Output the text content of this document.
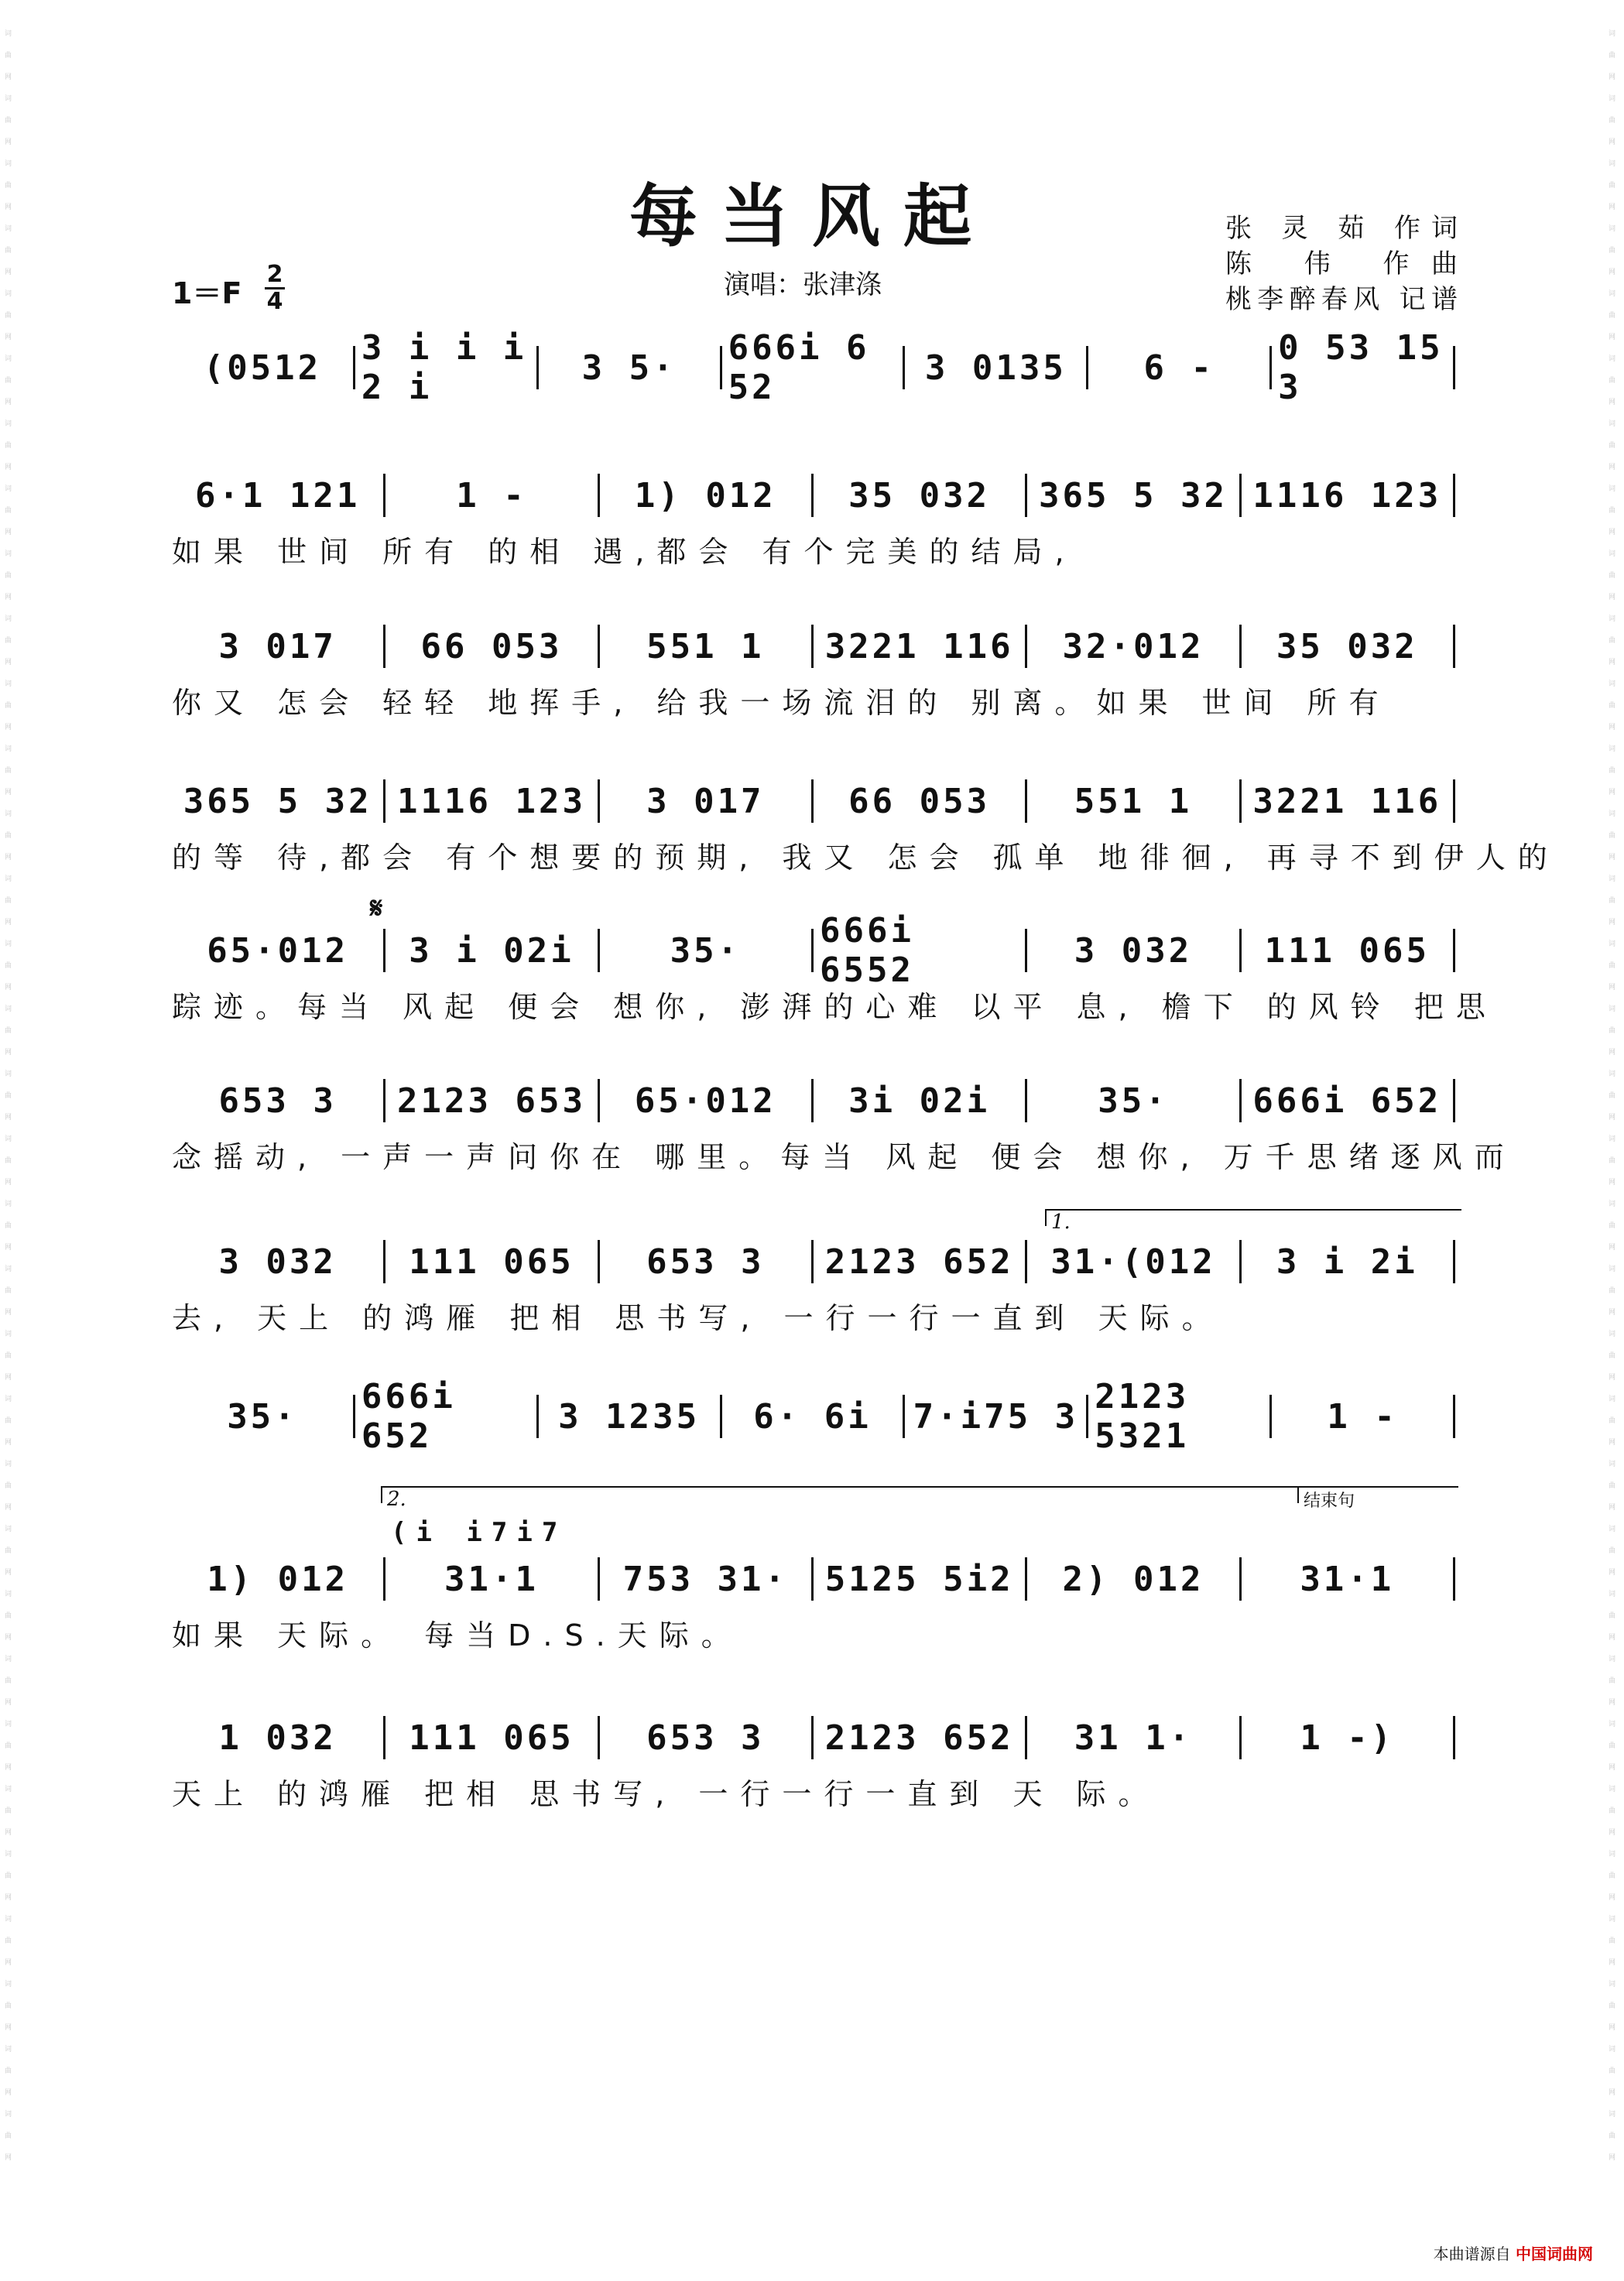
词曲网词曲网词曲网词曲网词曲网词曲网词曲网词曲网词曲网词曲网词曲网词曲网词曲网词曲网词曲网词曲网词曲网词曲网词曲网词曲网词曲网词曲网词曲网词曲网词曲网词曲网词曲网词曲网词曲网词曲网词曲网词曲网词曲网
词曲网词曲网词曲网词曲网词曲网词曲网词曲网词曲网词曲网词曲网词曲网词曲网词曲网词曲网词曲网词曲网词曲网词曲网词曲网词曲网词曲网词曲网词曲网词曲网词曲网词曲网词曲网词曲网词曲网词曲网词曲网词曲网词曲网
每当风起	张 灵 茹 作词
陈 伟 作曲
桃李醉春风 记谱
演唱：张津涤
1＝F
2
4
(0512	3 i i i 2 i	3 5·	666i 6 52	3 0135	6 -	0 53 15 3
6·1 121	1 -	1) 012	35 032	365 5 32 1116 123
如果 世间 所有 的相 遇,都会 有个完美的结局,
3 017	66 053	551 1	3221 116	32·012	35 032
你又 怎会 轻轻 地挥手, 给我一场流泪的 别离。如果 世间 所有
365 5 32 1116 123	3 017	66 053	551 1	3221 116
的等 待,都会 有个想要的预期, 我又 怎会 孤单 地徘徊, 再寻不到伊人的
65·012	3 i 02i	35·	666i 6552	3 032	111 065
踪迹。每当 风起 便会 想你, 澎湃的心难 以平 息, 檐下 的风铃 把思
653 3	2123 653	65·012	3i 02i	35·	666i 652
念摇动, 一声一声问你在 哪里。每当 风起 便会 想你, 万千思绪逐风而
3 032	111 065	653 3	2123 652	31·(012	3 i 2i
去, 天上 的鸿雁 把相 思书写, 一行一行一直到 天际。
35·	666i 652	3 1235	6· 6i	7·i75 3 2123 5321	1 -
1) 012	31·1	753 31·	5125 5i2	2) 012	31·1
如果 天际。 每当D.S.天际。
1 032	111 065	653 3	2123 652	31 1·	1 -)
天上 的鸿雁 把相 思书写, 一行一行一直到 天 际。
𝄋
1.
2.	结束句
(i i7i7
本曲谱源自 中国词曲网
